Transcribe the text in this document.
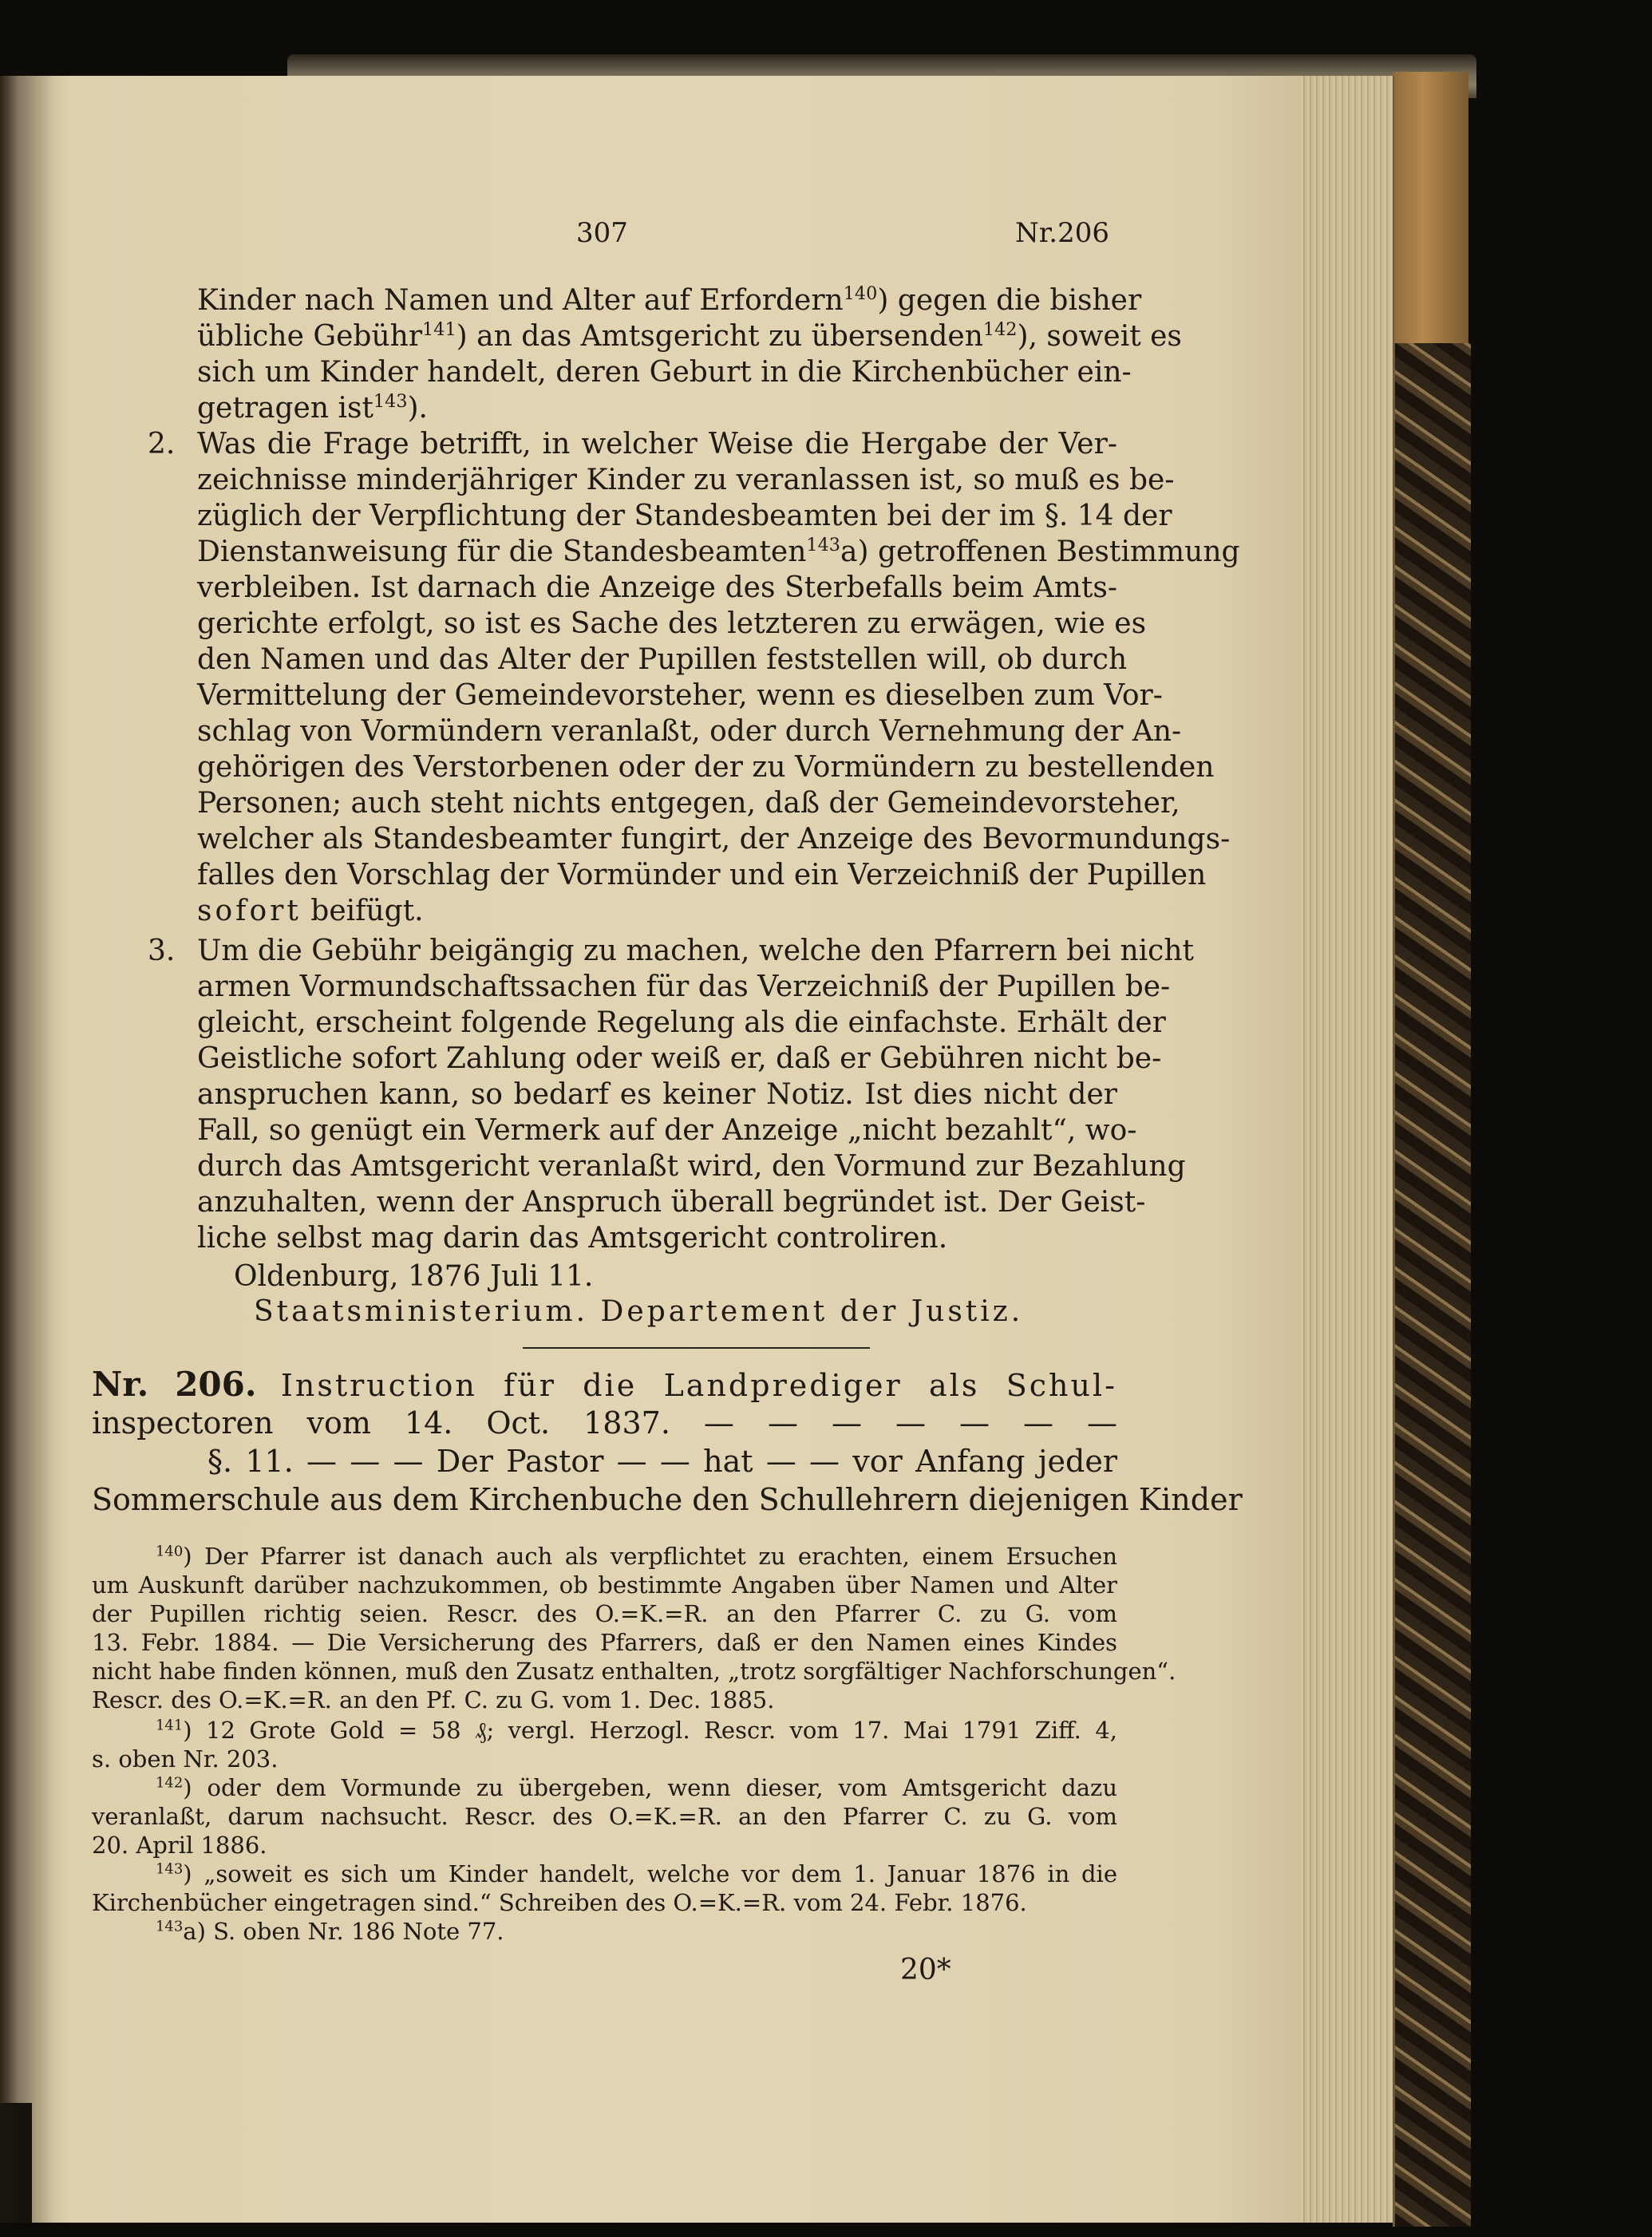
307	Nr.206
Kinder nach Namen und Alter auf Erfordern$^{140}$) gegen die bisher
übliche Gebühr$^{141}$) an das Amtsgericht zu übersenden$^{142}$), soweit es
sich um Kinder handelt, deren Geburt in die Kirchenbücher ein-
getragen ist$^{143}$).
2. Was die Frage betrifft, in welcher Weise die Hergabe der Ver-
zeichnisse minderjähriger Kinder zu veranlassen ist, so muß es be-
züglich der Verpflichtung der Standesbeamten bei der im §. 14 der
Dienstanweisung für die Standesbeamten$^{143}$a) getroffenen Bestimmung
verbleiben. Ist darnach die Anzeige des Sterbefalls beim Amts-
gerichte erfolgt, so ist es Sache des letzteren zu erwägen, wie es
den Namen und das Alter der Pupillen feststellen will, ob durch
Vermittelung der Gemeindevorsteher, wenn es dieselben zum Vor-
schlag von Vormündern veranlaßt, oder durch Vernehmung der An-
gehörigen des Verstorbenen oder der zu Vormündern zu bestellenden
Personen; auch steht nichts entgegen, daß der Gemeindevorsteher,
welcher als Standesbeamter fungirt, der Anzeige des Bevormundungs-
falles den Vorschlag der Vormünder und ein Verzeichniß der Pupillen
sofort beifügt.
3. Um die Gebühr beigängig zu machen, welche den Pfarrern bei nicht
armen Vormundschaftssachen für das Verzeichniß der Pupillen be-
gleicht, erscheint folgende Regelung als die einfachste. Erhält der
Geistliche sofort Zahlung oder weiß er, daß er Gebühren nicht be-
anspruchen kann, so bedarf es keiner Notiz. Ist dies nicht der
Fall, so genügt ein Vermerk auf der Anzeige „nicht bezahlt“, wo-
durch das Amtsgericht veranlaßt wird, den Vormund zur Bezahlung
anzuhalten, wenn der Anspruch überall begründet ist. Der Geist-
liche selbst mag darin das Amtsgericht controliren.
Oldenburg, 1876 Juli 11.
Staatsministerium. Departement der Justiz.
Nr. 206. Instruction für die Landprediger als Schul-
inspectoren vom 14. Oct. 1837. — — — — — — —
§. 11. — — — Der Pastor — — hat — — vor Anfang jeder
Sommerschule aus dem Kirchenbuche den Schullehrern diejenigen Kinder
$^{140}$) Der Pfarrer ist danach auch als verpflichtet zu erachten, einem Ersuchen
um Auskunft darüber nachzukommen, ob bestimmte Angaben über Namen und Alter
der Pupillen richtig seien. Rescr. des O.=K.=R. an den Pfarrer C. zu G. vom
13. Febr. 1884. — Die Versicherung des Pfarrers, daß er den Namen eines Kindes
nicht habe finden können, muß den Zusatz enthalten, „trotz sorgfältiger Nachforschungen“.
Rescr. des O.=K.=R. an den Pf. C. zu G. vom 1. Dec. 1885.
$^{141}$) 12 Grote Gold = 58 ₰; vergl. Herzogl. Rescr. vom 17. Mai 1791 Ziff. 4,
s. oben Nr. 203.
$^{142}$) oder dem Vormunde zu übergeben, wenn dieser, vom Amtsgericht dazu
veranlaßt, darum nachsucht. Rescr. des O.=K.=R. an den Pfarrer C. zu G. vom
20. April 1886.
$^{143}$) „soweit es sich um Kinder handelt, welche vor dem 1. Januar 1876 in die
Kirchenbücher eingetragen sind.“ Schreiben des O.=K.=R. vom 24. Febr. 1876.
$^{143}$a) S. oben Nr. 186 Note 77.
20*
